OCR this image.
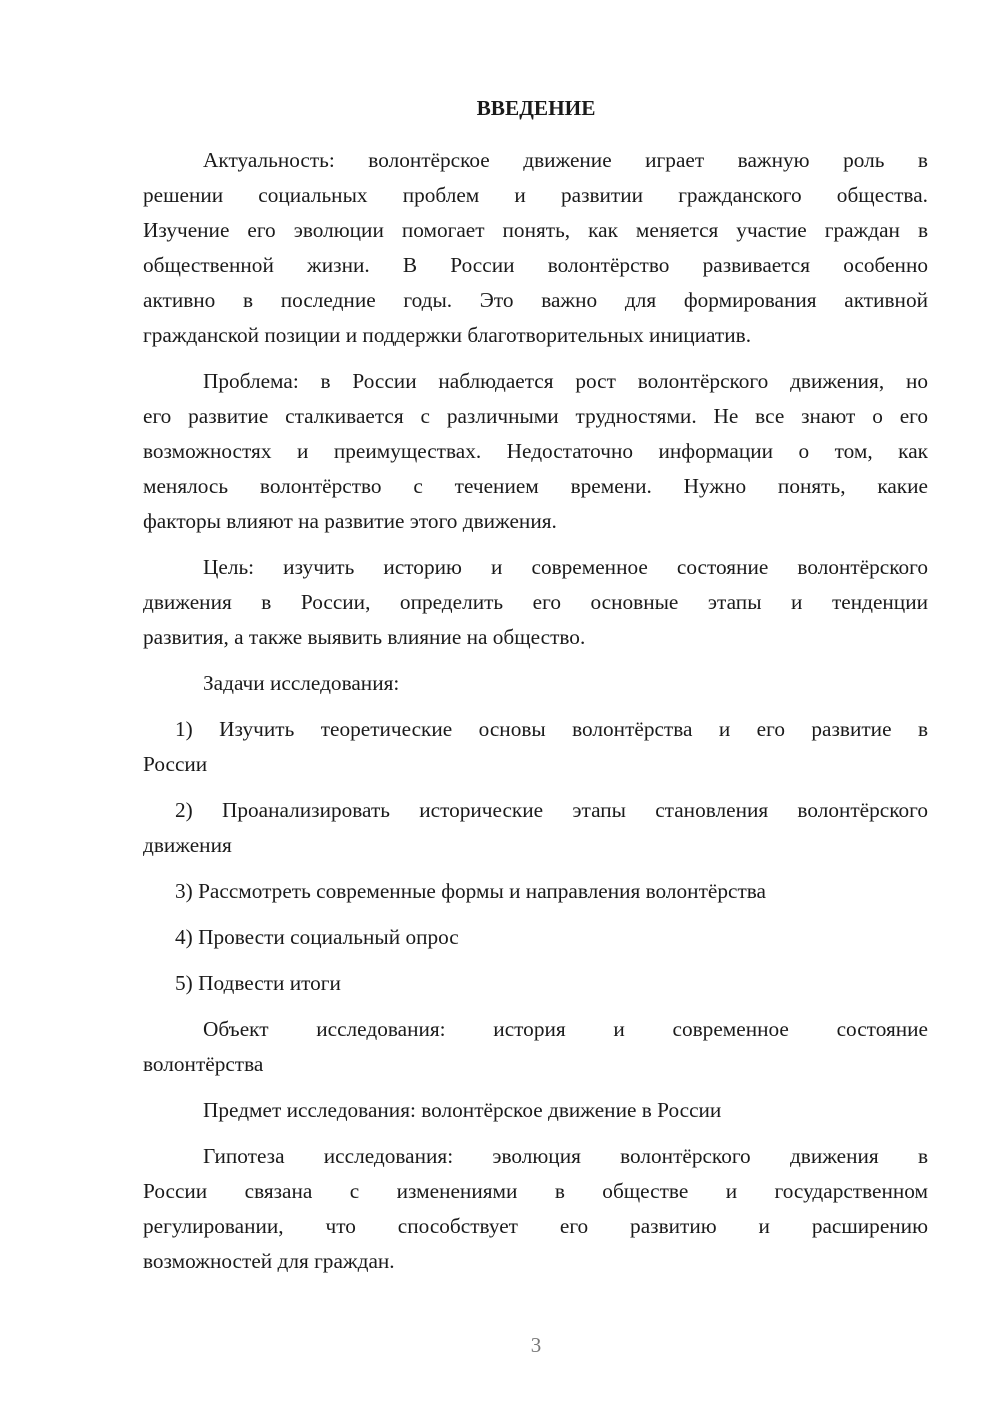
ВВЕДЕНИЕ
Актуальность: волонтёрское движение играет важную роль в
решении социальных проблем и развитии гражданского общества.
Изучение его эволюции помогает понять, как меняется участие граждан в
общественной жизни. В России волонтёрство развивается особенно
активно в последние годы. Это важно для формирования активной
гражданской позиции и поддержки благотворительных инициатив.
Проблема: в России наблюдается рост волонтёрского движения, но
его развитие сталкивается с различными трудностями. Не все знают о его
возможностях и преимуществах. Недостаточно информации о том, как
менялось волонтёрство с течением времени. Нужно понять, какие
факторы влияют на развитие этого движения.
Цель: изучить историю и современное состояние волонтёрского
движения в России, определить его основные этапы и тенденции
развития, а также выявить влияние на общество.
Задачи исследования:
1) Изучить теоретические основы волонтёрства и его развитие в
России
2) Проанализировать исторические этапы становления волонтёрского
движения
3) Рассмотреть современные формы и направления волонтёрства
4) Провести социальный опрос
5) Подвести итоги
Объект исследования: история и современное состояние
волонтёрства
Предмет исследования: волонтёрское движение в России
Гипотеза исследования: эволюция волонтёрского движения в
России связана с изменениями в обществе и государственном
регулировании, что способствует его развитию и расширению
возможностей для граждан.
3
